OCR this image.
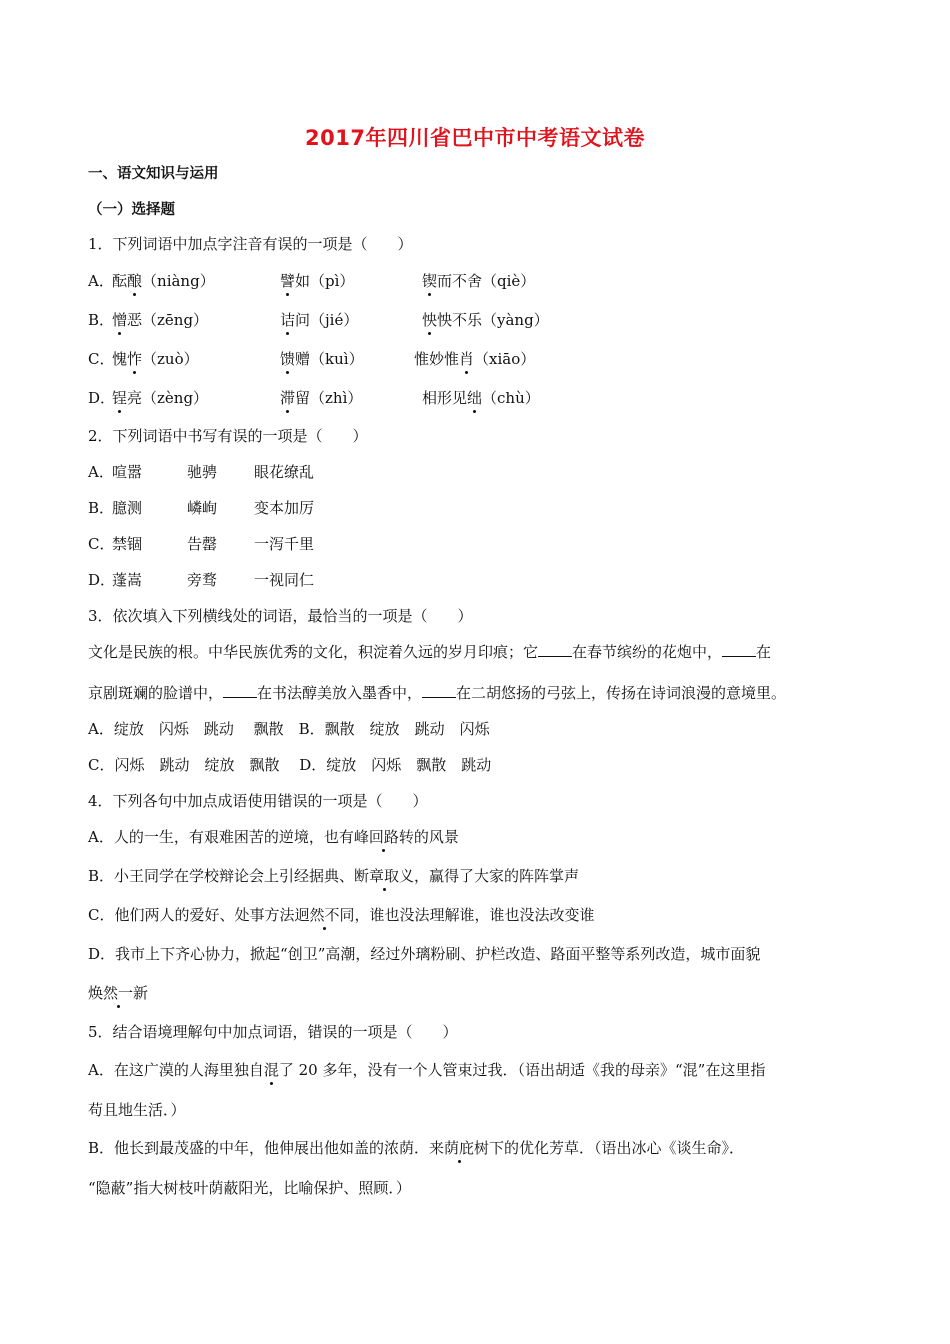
2017年四川省巴中市中考语文试卷
一、语文知识与运用
（一）选择题
1．下列词语中加点字注音有误的一项是（　　）
A．
酝酿（niàng）	譬如（pì）	锲而不舍（qiè）
B．
憎恶（zēng）	诘问（jié）	怏怏不乐（yàng）
C．
愧怍（zuò）	馈赠（kuì）	惟妙惟肖（xiāo）
D．
锃亮（zèng）	滞留（zhì）	相形见绌（chù）
2．下列词语中书写有误的一项是（　　）
A．
喧嚣	驰骋 眼花缭乱
B．
臆测	嶙峋 变本加厉
C．
禁锢	告罄 一泻千里
D．
蓬嵩	旁骛 一视同仁
3．依次填入下列横线处的词语，最恰当的一项是（　　）
文化是民族的根。中华民族优秀的文化，积淀着久远的岁月印痕；它 在春节缤纷的花炮中， 在
京剧斑斓的脸谱中， 在书法醇美放入墨香中， 在二胡悠扬的弓弦上，传扬在诗词浪漫的意境里。
A．绽放　闪烁　跳动　 飘散　B．飘散　绽放　跳动　闪烁
C．闪烁　跳动　绽放　飘散　 D．绽放　闪烁　飘散　跳动
4．下列各句中加点成语使用错误的一项是（　　）
A．人的一生，有艰难困苦的逆境，也有峰回路转的风景
B．小王同学在学校辩论会上引经据典、断章取义，赢得了大家的阵阵掌声
C．他们两人的爱好、处事方法迥然不同，谁也没法理解谁，谁也没法改变谁
D．我市上下齐心协力，掀起“创卫”高潮，经过外璃粉刷、护栏改造、路面平整等系列改造，城市面貌
焕然一新
5．结合语境理解句中加点词语，错误的一项是（　　）
A．在这广漠的人海里独自混了 20 多年，没有一个人管束过我．（语出胡适《我的母亲》“混”在这里指
苟且地生活．）
B．他长到最茂盛的中年，他伸展出他如盖的浓荫．来荫庇树下的优化芳草．（语出冰心《谈生命》．
“隐蔽”指大树枝叶荫蔽阳光，比喻保护、照顾．）
